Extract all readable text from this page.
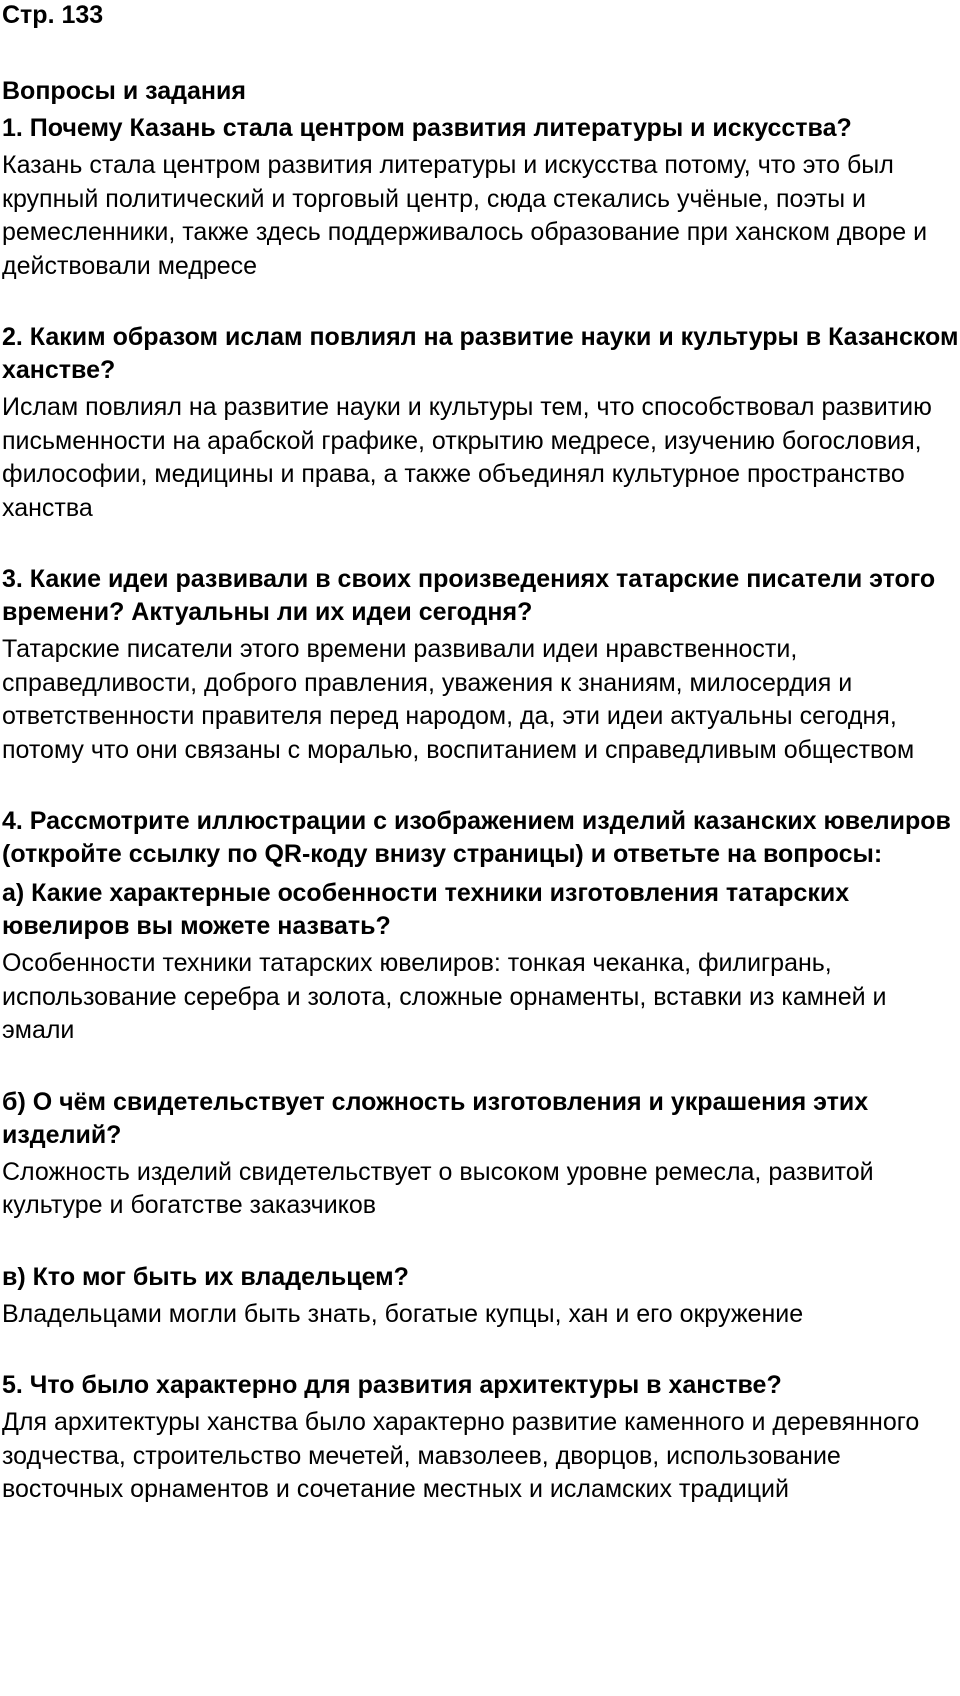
Стр. 133

Вопросы и задания

1. Почему Казань стала центром развития литературы и искусства?

Казань стала центром развития литературы и искусства потому, что это был крупный политический и торговый центр, сюда стекались учёные, поэты и ремесленники, также здесь поддерживалось образование при ханском дворе и действовали медресе

2. Каким образом ислам повлиял на развитие науки и культуры в Казанском ханстве?

Ислам повлиял на развитие науки и культуры тем, что способствовал развитию письменности на арабской графике, открытию медресе, изучению богословия, философии, медицины и права, а также объединял культурное пространство ханства

3. Какие идеи развивали в своих произведениях татарские писатели этого времени? Актуальны ли их идеи сегодня?

Татарские писатели этого времени развивали идеи нравственности, справедливости, доброго правления, уважения к знаниям, милосердия и ответственности правителя перед народом, да, эти идеи актуальны сегодня, потому что они связаны с моралью, воспитанием и справедливым обществом

4. Рассмотрите иллюстрации с изображением изделий казанских ювелиров (откройте ссылку по QR-коду внизу страницы) и ответьте на вопросы:

а) Какие характерные особенности техники изготовления татарских ювелиров вы можете назвать?

Особенности техники татарских ювелиров: тонкая чеканка, филигрань, использование серебра и золота, сложные орнаменты, вставки из камней и эмали

б) О чём свидетельствует сложность изготовления и украшения этих изделий?

Сложность изделий свидетельствует о высоком уровне ремесла, развитой культуре и богатстве заказчиков

в) Кто мог быть их владельцем?

Владельцами могли быть знать, богатые купцы, хан и его окружение

5. Что было характерно для развития архитектуры в ханстве?

Для архитектуры ханства было характерно развитие каменного и деревянного зодчества, строительство мечетей, мавзолеев, дворцов, использование восточных орнаментов и сочетание местных и исламских традиций
